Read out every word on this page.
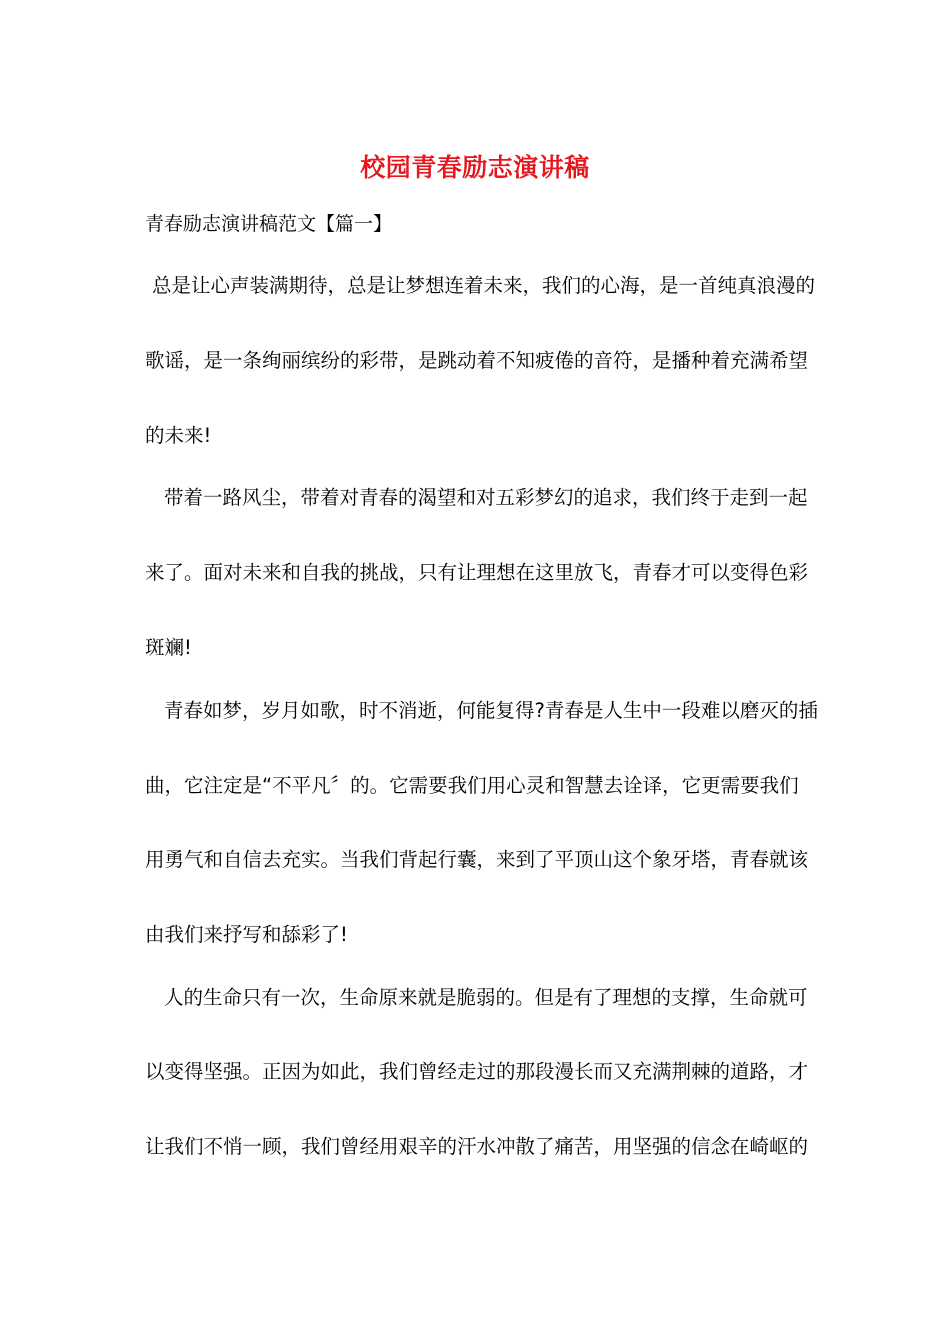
校园青春励志演讲稿
青春励志演讲稿范文【篇一】
总是让心声装满期待，总是让梦想连着未来，我们的心海，是一首纯真浪漫的
歌谣，是一条绚丽缤纷的彩带，是跳动着不知疲倦的音符，是播种着充满希望
的未来!
带着一路风尘，带着对青春的渴望和对五彩梦幻的追求，我们终于走到一起
来了。面对未来和自我的挑战，只有让理想在这里放飞，青春才可以变得色彩
斑斓!
青春如梦，岁月如歌，时不消逝，何能复得?青春是人生中一段难以磨灭的插
曲，它注定是“不平凡〞的。它需要我们用心灵和智慧去诠译，它更需要我们
用勇气和自信去充实。当我们背起行囊，来到了平顶山这个象牙塔，青春就该
由我们来抒写和舔彩了!
人的生命只有一次，生命原来就是脆弱的。但是有了理想的支撑，生命就可
以变得坚强。正因为如此，我们曾经走过的那段漫长而又充满荆棘的道路，才
让我们不悄一顾，我们曾经用艰辛的汗水冲散了痛苦，用坚强的信念在崎岖的
